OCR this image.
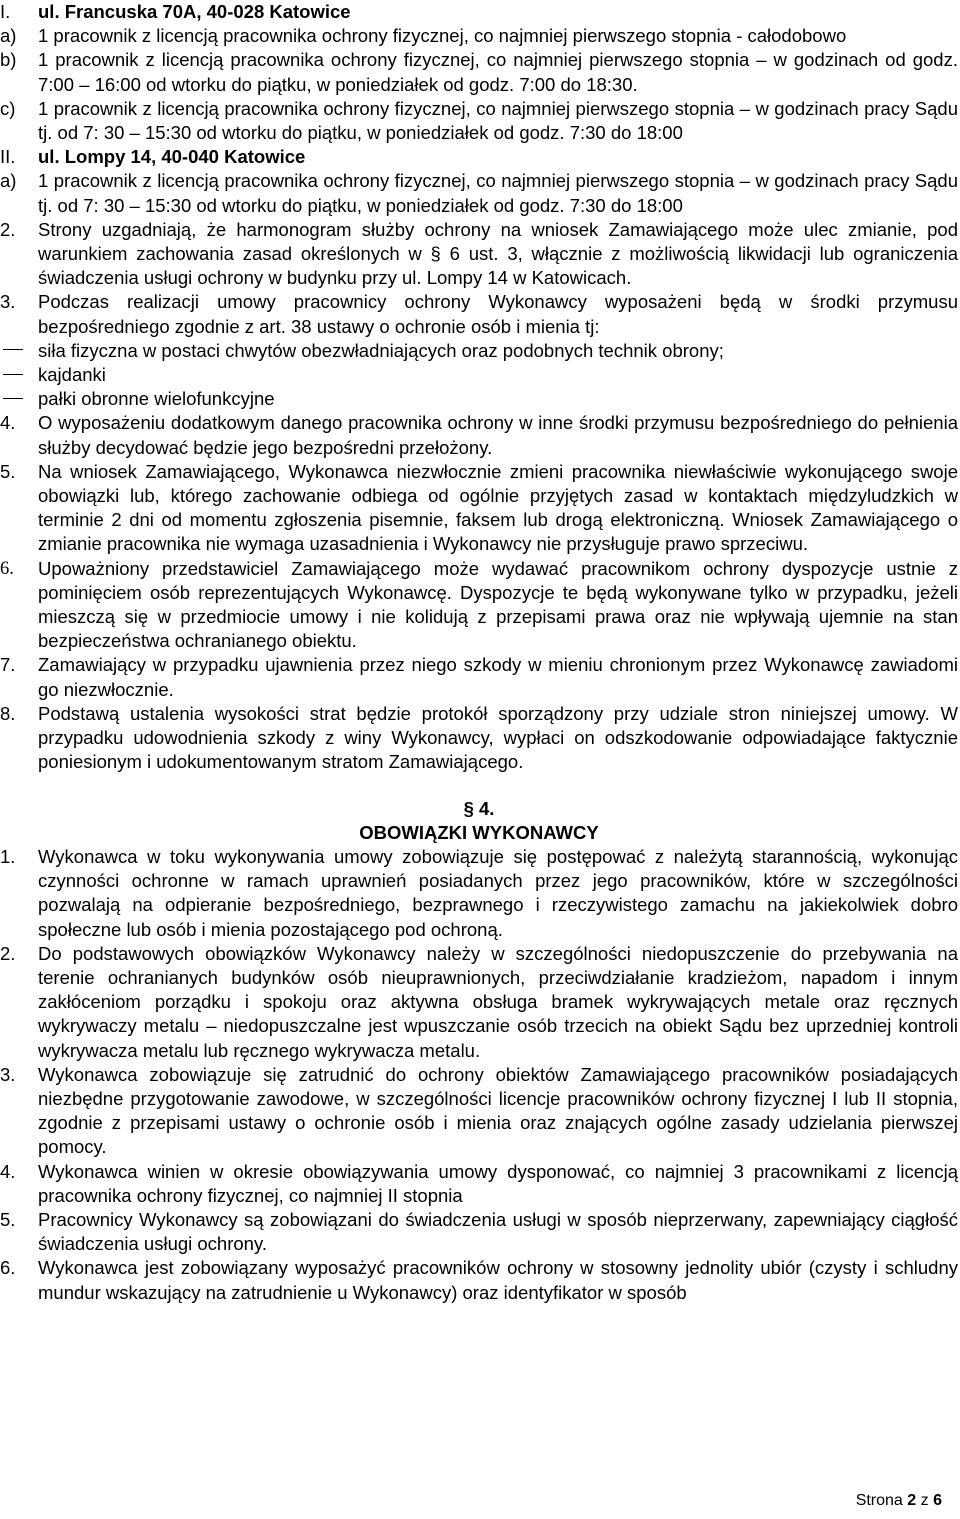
I.	ul. Francuska 70A, 40-028 Katowice
a)	1 pracownik z licencją pracownika ochrony fizycznej, co najmniej pierwszego stopnia - całodobowo
b)	1 pracownik z licencją pracownika ochrony fizycznej, co najmniej pierwszego stopnia – w godzinach od godz. 7:00 – 16:00 od wtorku do piątku, w poniedziałek od godz. 7:00 do 18:30.
c)	1 pracownik z licencją pracownika ochrony fizycznej, co najmniej pierwszego stopnia – w godzinach pracy Sądu tj. od 7: 30 – 15:30 od wtorku do piątku, w poniedziałek od godz. 7:30 do 18:00
II.	ul. Lompy 14, 40-040 Katowice
a)	1 pracownik z licencją pracownika ochrony fizycznej, co najmniej pierwszego stopnia – w godzinach pracy Sądu tj. od 7: 30 – 15:30 od wtorku do piątku, w poniedziałek od godz. 7:30 do 18:00
2.	Strony uzgadniają, że harmonogram służby ochrony na wniosek Zamawiającego może ulec zmianie, pod warunkiem zachowania zasad określonych w § 6 ust. 3, włącznie z możliwością likwidacji lub ograniczenia świadczenia usługi ochrony w budynku przy ul. Lompy 14 w Katowicach.
3.	Podczas realizacji umowy pracownicy ochrony Wykonawcy wyposażeni będą w środki przymusu bezpośredniego zgodnie z art. 38 ustawy o ochronie osób i mienia tj:
siła fizyczna w postaci chwytów obezwładniających oraz podobnych technik obrony;
kajdanki
pałki obronne wielofunkcyjne
4.	O wyposażeniu dodatkowym danego pracownika ochrony w inne środki przymusu bezpośredniego do pełnienia służby decydować będzie jego bezpośredni przełożony.
5.	Na wniosek Zamawiającego, Wykonawca niezwłocznie zmieni pracownika niewłaściwie wykonującego swoje obowiązki lub, którego zachowanie odbiega od ogólnie przyjętych zasad w kontaktach międzyludzkich w terminie 2 dni od momentu zgłoszenia pisemnie, faksem lub drogą elektroniczną. Wniosek Zamawiającego o zmianie pracownika nie wymaga uzasadnienia i Wykonawcy nie przysługuje prawo sprzeciwu.
6.	Upoważniony przedstawiciel Zamawiającego może wydawać pracownikom ochrony dyspozycje ustnie z pominięciem osób reprezentujących Wykonawcę. Dyspozycje te będą wykonywane tylko w przypadku, jeżeli mieszczą się w przedmiocie umowy i nie kolidują z przepisami prawa oraz nie wpływają ujemnie na stan bezpieczeństwa ochranianego obiektu.
7.	Zamawiający w przypadku ujawnienia przez niego szkody w mieniu chronionym przez Wykonawcę zawiadomi go niezwłocznie.
8.	Podstawą ustalenia wysokości strat będzie protokół sporządzony przy udziale stron niniejszej umowy. W przypadku udowodnienia szkody z winy Wykonawcy, wypłaci on odszkodowanie odpowiadające faktycznie poniesionym i udokumentowanym stratom Zamawiającego.
§ 4.
OBOWIĄZKI WYKONAWCY
1.	Wykonawca w toku wykonywania umowy zobowiązuje się postępować z należytą starannością, wykonując czynności ochronne w ramach uprawnień posiadanych przez jego pracowników, które w szczególności pozwalają na odpieranie bezpośredniego, bezprawnego i rzeczywistego zamachu na jakiekolwiek dobro społeczne lub osób i mienia pozostającego pod ochroną.
2.	Do podstawowych obowiązków Wykonawcy należy w szczególności niedopuszczenie do przebywania na terenie ochranianych budynków osób nieuprawnionych, przeciwdziałanie kradzieżom, napadom i innym zakłóceniom porządku i spokoju oraz aktywna obsługa bramek wykrywających metale oraz ręcznych wykrywaczy metalu – niedopuszczalne jest wpuszczanie osób trzecich na obiekt Sądu bez uprzedniej kontroli wykrywacza metalu lub ręcznego wykrywacza metalu.
3.	Wykonawca zobowiązuje się zatrudnić do ochrony obiektów Zamawiającego pracowników posiadających niezbędne przygotowanie zawodowe, w szczególności licencje pracowników ochrony fizycznej I lub II stopnia, zgodnie z przepisami ustawy o ochronie osób i mienia oraz znających ogólne zasady udzielania pierwszej pomocy.
4.	Wykonawca winien w okresie obowiązywania umowy dysponować, co najmniej 3 pracownikami z licencją pracownika ochrony fizycznej, co najmniej II stopnia
5.	Pracownicy Wykonawcy są zobowiązani do świadczenia usługi w sposób nieprzerwany, zapewniający ciągłość świadczenia usługi ochrony.
6.	Wykonawca jest zobowiązany wyposażyć pracowników ochrony w stosowny jednolity ubiór (czysty i schludny mundur wskazujący na zatrudnienie u Wykonawcy) oraz identyfikator w sposób
Strona 2 z 6
